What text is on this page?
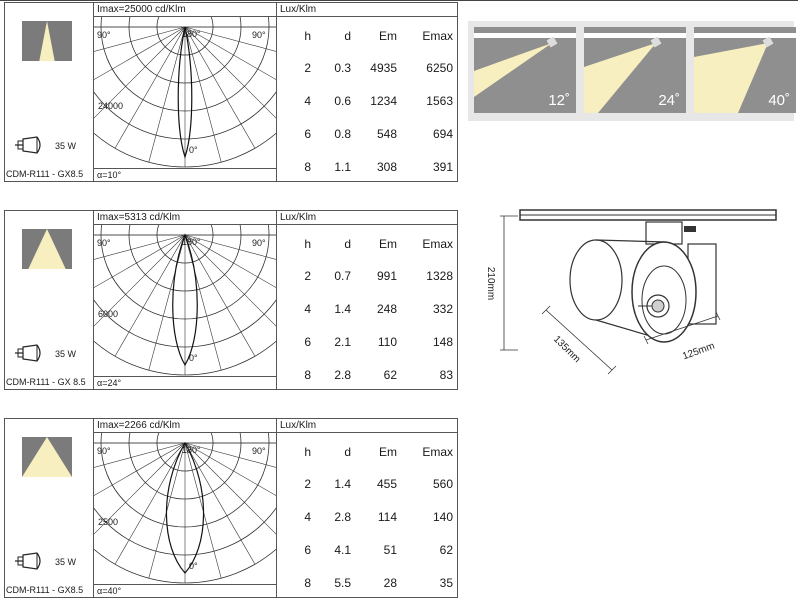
35 W
CDM-R111 - GX8.5
Imax=25000 cd/Klm
180°
90°	90°
0°
24000
α=10°
Lux/Klm
h	d	Em	Emax
2	0.3	4935	6250
4	0.6	1234	1563
6	0.8	548	694
8	1.1	308	391
35 W
CDM-R111 - GX 8.5
Imax=5313 cd/Klm
180°
90°	90°
0°
6000
α=24°
Lux/Klm
h	d	Em	Emax
2	0.7	991	1328
4	1.4	248	332
6	2.1	110	148
8	2.8	62	83
35 W
CDM-R111 - GX8.5
Imax=2266 cd/Klm
180°
90°	90°
0°
2500
α=40°
Lux/Klm
h	d	Em	Emax
2	1.4	455	560
4	2.8	114	140
6	4.1	51	62
8	5.5	28	35
12˚	24˚	40˚
210mm
135mm	125mm
